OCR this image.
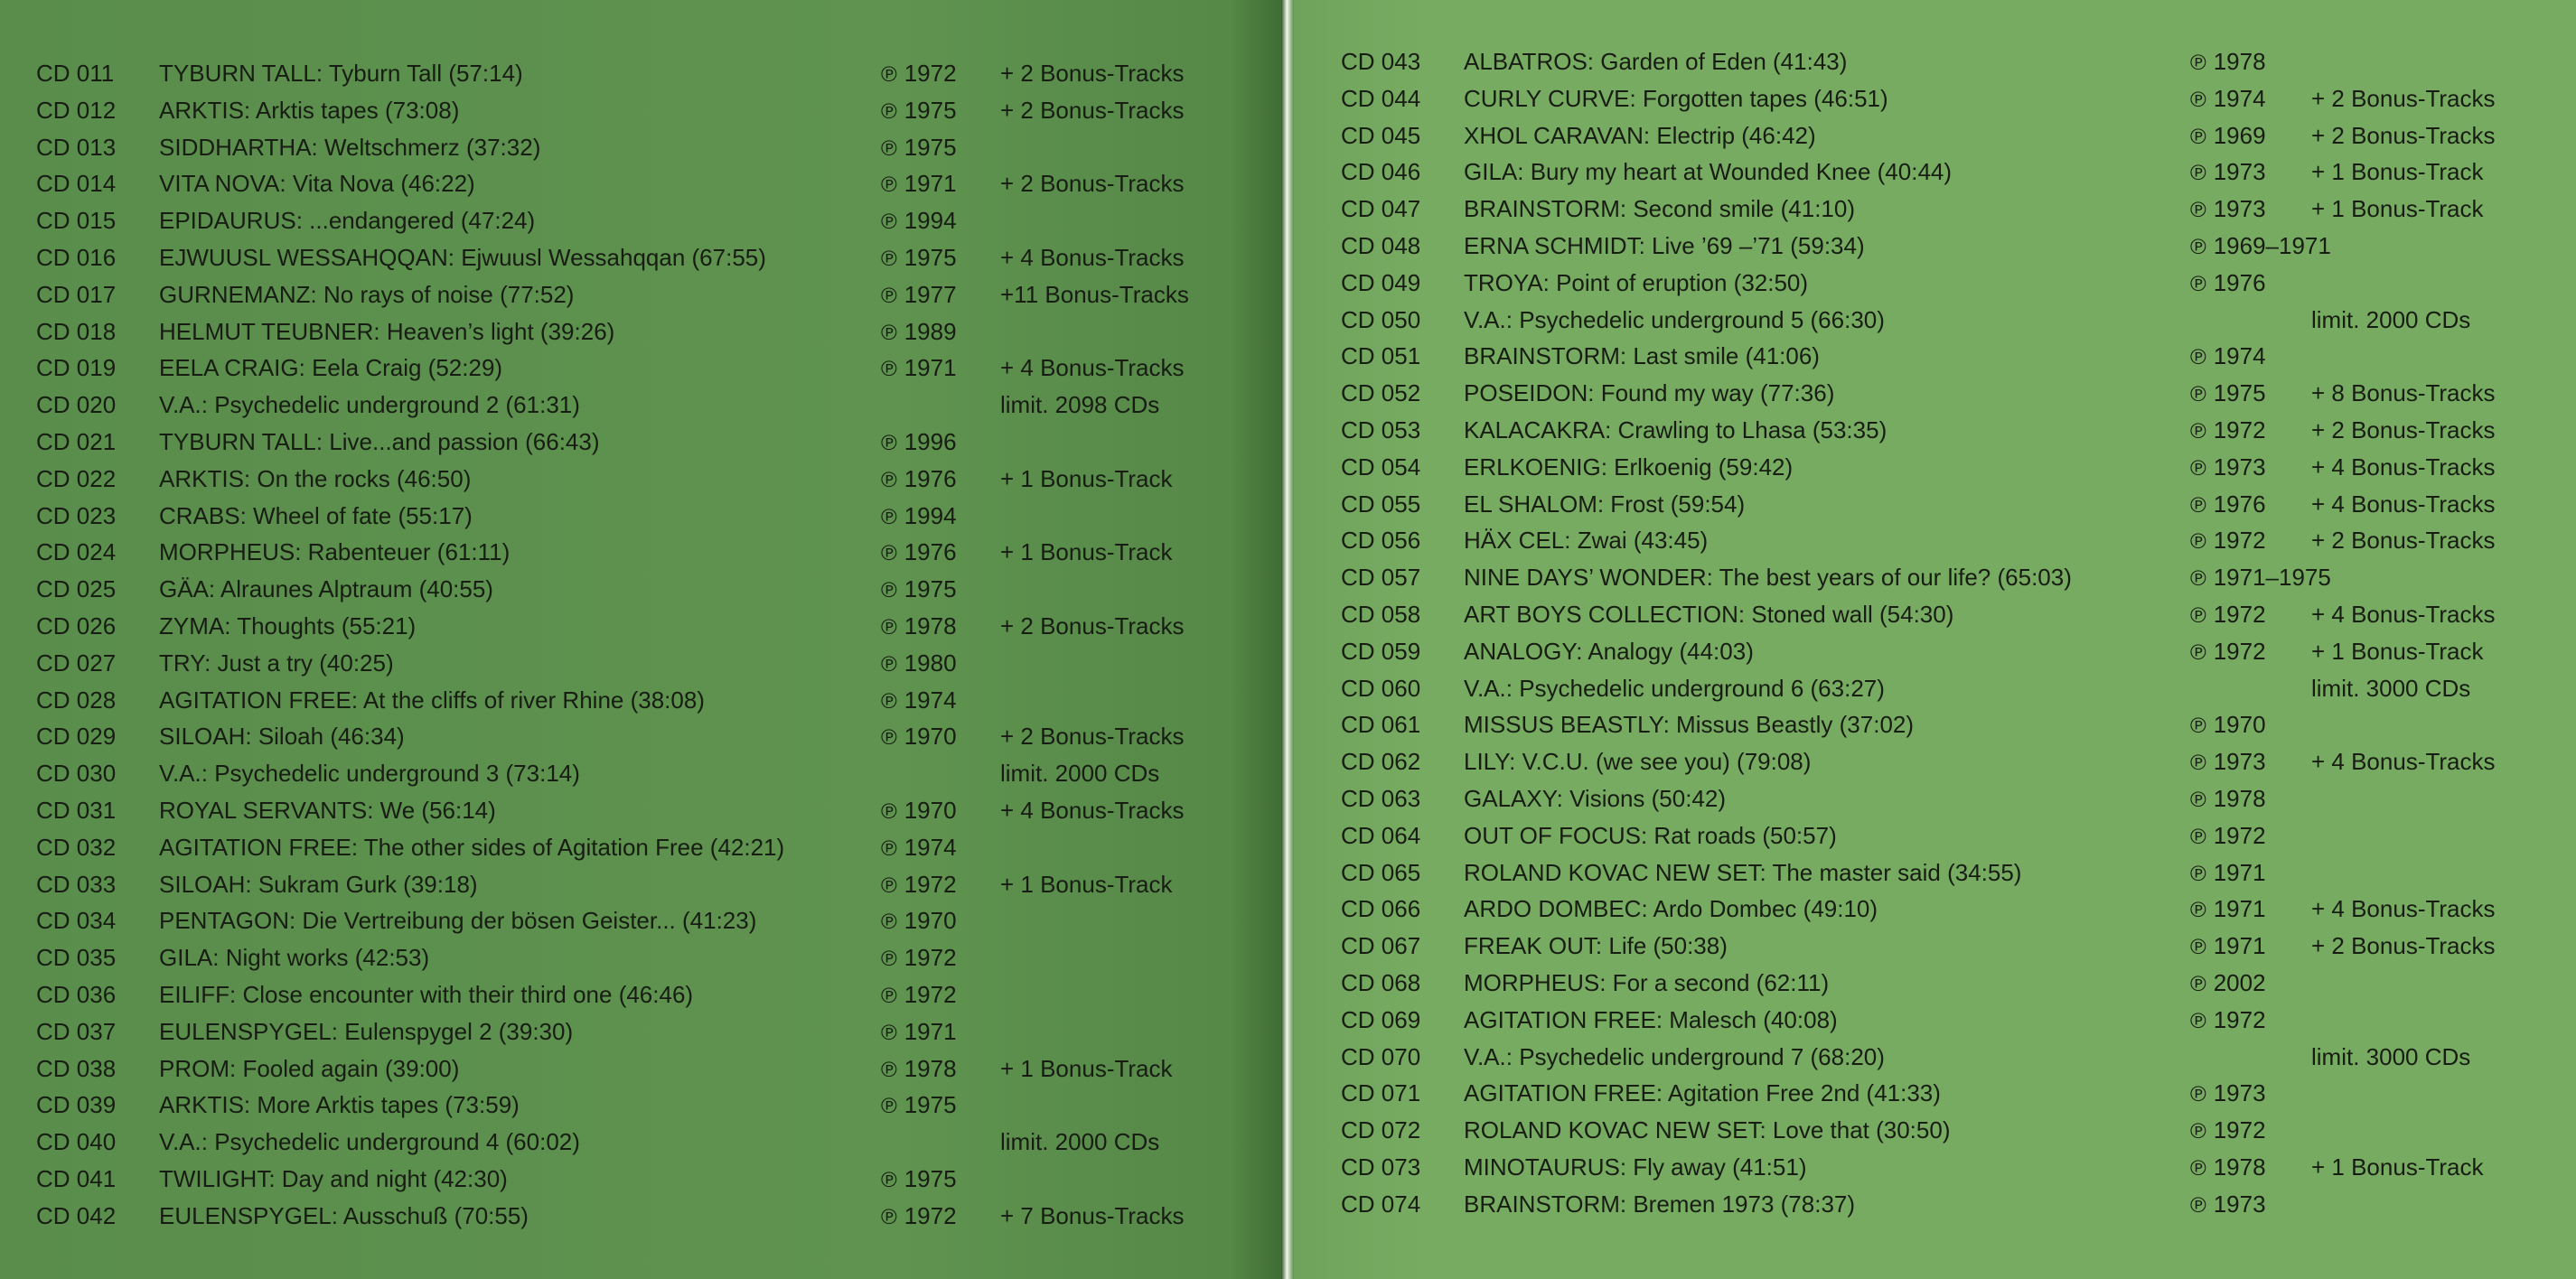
CD 011 TYBURN TALL: Tyburn Tall (57:14)	℗ 1972 + 2 Bonus-Tracks
CD 012 ARKTIS: Arktis tapes (73:08)	℗ 1975 + 2 Bonus-Tracks
CD 013 SIDDHARTHA: Weltschmerz (37:32)	℗ 1975
CD 014 VITA NOVA: Vita Nova (46:22)	℗ 1971 + 2 Bonus-Tracks
CD 015 EPIDAURUS: ...endangered (47:24)	℗ 1994
CD 016 EJWUUSL WESSAHQQAN: Ejwuusl Wessahqqan (67:55)	℗ 1975 + 4 Bonus-Tracks
CD 017 GURNEMANZ: No rays of noise (77:52)	℗ 1977 +11 Bonus-Tracks
CD 018 HELMUT TEUBNER: Heaven’s light (39:26)	℗ 1989
CD 019 EELA CRAIG: Eela Craig (52:29)	℗ 1971 + 4 Bonus-Tracks
CD 020 V.A.: Psychedelic underground 2 (61:31)	limit. 2098 CDs
CD 021 TYBURN TALL: Live...and passion (66:43)	℗ 1996
CD 022 ARKTIS: On the rocks (46:50)	℗ 1976 + 1 Bonus-Track
CD 023 CRABS: Wheel of fate (55:17)	℗ 1994
CD 024 MORPHEUS: Rabenteuer (61:11)	℗ 1976 + 1 Bonus-Track
CD 025 GÄA: Alraunes Alptraum (40:55)	℗ 1975
CD 026 ZYMA: Thoughts (55:21)	℗ 1978 + 2 Bonus-Tracks
CD 027 TRY: Just a try (40:25)	℗ 1980
CD 028 AGITATION FREE: At the cliffs of river Rhine (38:08)	℗ 1974
CD 029 SILOAH: Siloah (46:34)	℗ 1970 + 2 Bonus-Tracks
CD 030 V.A.: Psychedelic underground 3 (73:14)	limit. 2000 CDs
CD 031 ROYAL SERVANTS: We (56:14)	℗ 1970 + 4 Bonus-Tracks
CD 032 AGITATION FREE: The other sides of Agitation Free (42:21)	℗ 1974
CD 033 SILOAH: Sukram Gurk (39:18)	℗ 1972 + 1 Bonus-Track
CD 034 PENTAGON: Die Vertreibung der bösen Geister... (41:23)	℗ 1970
CD 035 GILA: Night works (42:53)	℗ 1972
CD 036 EILIFF: Close encounter with their third one (46:46)	℗ 1972
CD 037 EULENSPYGEL: Eulenspygel 2 (39:30)	℗ 1971
CD 038 PROM: Fooled again (39:00)	℗ 1978 + 1 Bonus-Track
CD 039 ARKTIS: More Arktis tapes (73:59)	℗ 1975
CD 040 V.A.: Psychedelic underground 4 (60:02)	limit. 2000 CDs
CD 041 TWILIGHT: Day and night (42:30)	℗ 1975
CD 042 EULENSPYGEL: Ausschuß (70:55)	℗ 1972 + 7 Bonus-Tracks
CD 043 ALBATROS: Garden of Eden (41:43)	℗ 1978
CD 044 CURLY CURVE: Forgotten tapes (46:51)	℗ 1974 + 2 Bonus-Tracks
CD 045 XHOL CARAVAN: Electrip (46:42)	℗ 1969 + 2 Bonus-Tracks
CD 046 GILA: Bury my heart at Wounded Knee (40:44)	℗ 1973 + 1 Bonus-Track
CD 047 BRAINSTORM: Second smile (41:10)	℗ 1973 + 1 Bonus-Track
CD 048 ERNA SCHMIDT: Live ’69 –’71 (59:34)	℗ 1969–1971
CD 049 TROYA: Point of eruption (32:50)	℗ 1976
CD 050 V.A.: Psychedelic underground 5 (66:30)	limit. 2000 CDs
CD 051 BRAINSTORM: Last smile (41:06)	℗ 1974
CD 052 POSEIDON: Found my way (77:36)	℗ 1975 + 8 Bonus-Tracks
CD 053 KALACAKRA: Crawling to Lhasa (53:35)	℗ 1972 + 2 Bonus-Tracks
CD 054 ERLKOENIG: Erlkoenig (59:42)	℗ 1973 + 4 Bonus-Tracks
CD 055 EL SHALOM: Frost (59:54)	℗ 1976 + 4 Bonus-Tracks
CD 056 HÄX CEL: Zwai (43:45)	℗ 1972 + 2 Bonus-Tracks
CD 057 NINE DAYS’ WONDER: The best years of our life? (65:03)	℗ 1971–1975
CD 058 ART BOYS COLLECTION: Stoned wall (54:30)	℗ 1972 + 4 Bonus-Tracks
CD 059 ANALOGY: Analogy (44:03)	℗ 1972 + 1 Bonus-Track
CD 060 V.A.: Psychedelic underground 6 (63:27)	limit. 3000 CDs
CD 061 MISSUS BEASTLY: Missus Beastly (37:02)	℗ 1970
CD 062 LILY: V.C.U. (we see you) (79:08)	℗ 1973 + 4 Bonus-Tracks
CD 063 GALAXY: Visions (50:42)	℗ 1978
CD 064 OUT OF FOCUS: Rat roads (50:57)	℗ 1972
CD 065 ROLAND KOVAC NEW SET: The master said (34:55)	℗ 1971
CD 066 ARDO DOMBEC: Ardo Dombec (49:10)	℗ 1971 + 4 Bonus-Tracks
CD 067 FREAK OUT: Life (50:38)	℗ 1971 + 2 Bonus-Tracks
CD 068 MORPHEUS: For a second (62:11)	℗ 2002
CD 069 AGITATION FREE: Malesch (40:08)	℗ 1972
CD 070 V.A.: Psychedelic underground 7 (68:20)	limit. 3000 CDs
CD 071 AGITATION FREE: Agitation Free 2nd (41:33)	℗ 1973
CD 072 ROLAND KOVAC NEW SET: Love that (30:50)	℗ 1972
CD 073 MINOTAURUS: Fly away (41:51)	℗ 1978 + 1 Bonus-Track
CD 074 BRAINSTORM: Bremen 1973 (78:37)	℗ 1973
